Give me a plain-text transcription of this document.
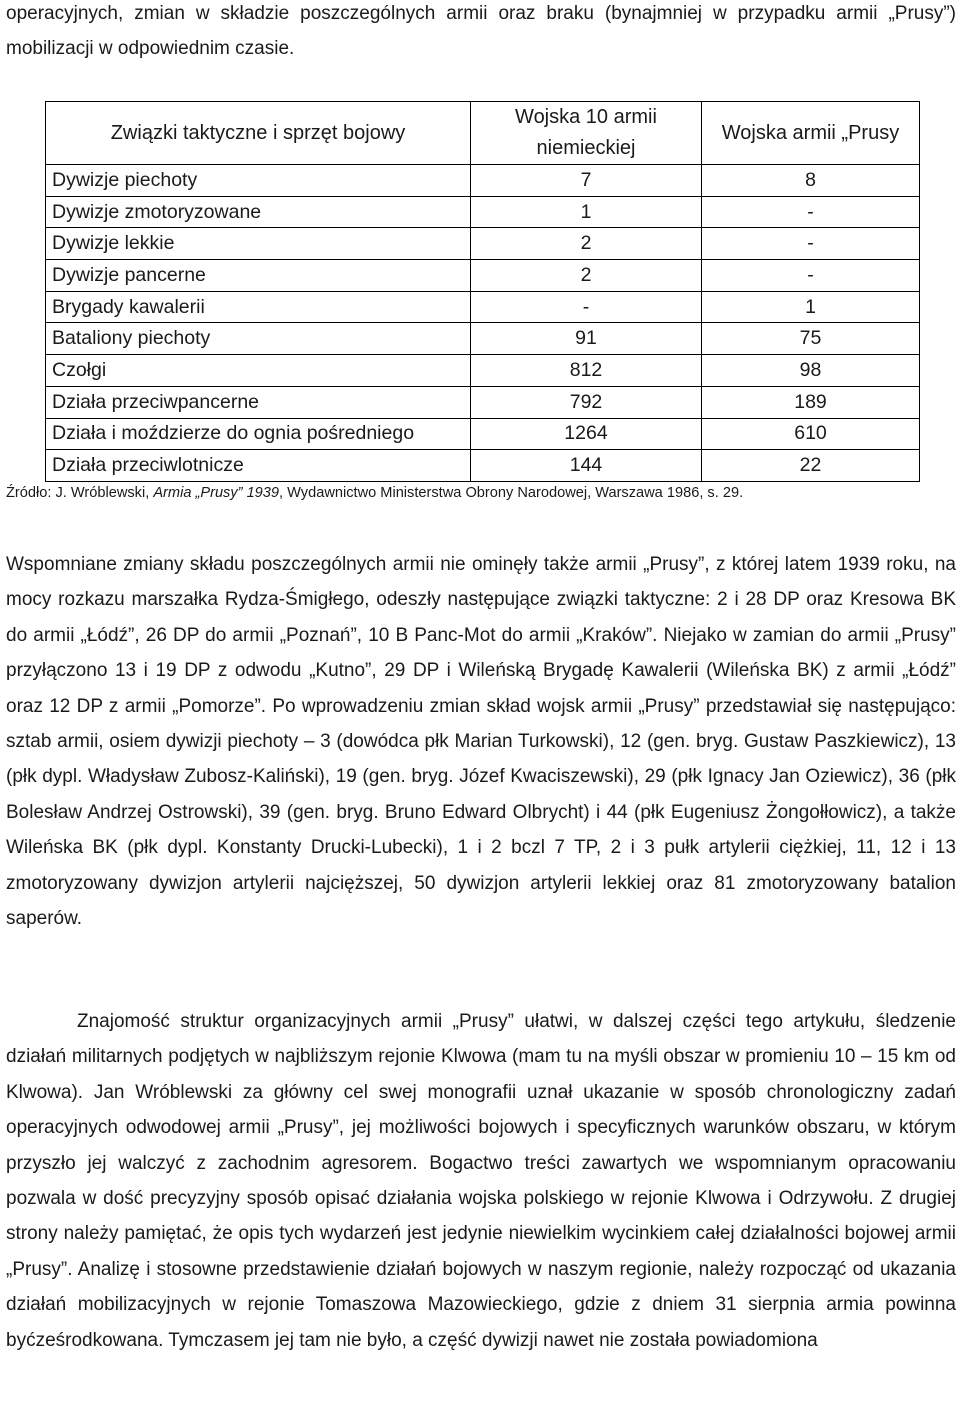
operacyjnych, zmian w składzie poszczególnych armii oraz braku (bynajmniej w przypadku armii „Prusy”) mobilizacji w odpowiednim czasie.

Związki taktyczne i sprzęt bojowy	Wojska 10 armii niemieckiej	Wojska armii „Prusy
Dywizje piechoty	7	8
Dywizje zmotoryzowane	1	-
Dywizje lekkie	2	-
Dywizje pancerne	2	-
Brygady kawalerii	-	1
Bataliony piechoty	91	75
Czołgi	812	98
Działa przeciwpancerne	792	189
Działa i moździerze do ognia pośredniego	1264	610
Działa przeciwlotnicze	144	22
Źródło: J. Wróblewski, Armia „Prusy” 1939, Wydawnictwo Ministerstwa Obrony Narodowej, Warszawa 1986, s. 29.

Wspomniane zmiany składu poszczególnych armii nie ominęły także armii „Prusy”, z której latem 1939 roku, na mocy rozkazu marszałka Rydza-Śmigłego, odeszły następujące związki taktyczne: 2 i 28 DP oraz Kresowa BK do armii „Łódź”, 26 DP do armii „Poznań”, 10 B Panc-Mot do armii „Kraków”. Niejako w zamian do armii „Prusy” przyłączono 13 i 19 DP z odwodu „Kutno”, 29 DP i Wileńską Brygadę Kawalerii (Wileńska BK) z armii „Łódź” oraz 12 DP z armii „Pomorze”. Po wprowadzeniu zmian skład wojsk armii „Prusy” przedstawiał się następująco: sztab armii, osiem dywizji piechoty – 3 (dowódca płk Marian Turkowski), 12 (gen. bryg. Gustaw Paszkiewicz), 13 (płk dypl. Władysław Zubosz-Kaliński), 19 (gen. bryg. Józef Kwaciszewski), 29 (płk Ignacy Jan Oziewicz), 36 (płk Bolesław Andrzej Ostrowski), 39 (gen. bryg. Bruno Edward Olbrycht) i 44 (płk Eugeniusz Żongołłowicz), a także Wileńska BK (płk dypl. Konstanty Drucki-Lubecki), 1 i 2 bczl 7 TP, 2 i 3 pułk artylerii ciężkiej, 11, 12 i 13 zmotoryzowany dywizjon artylerii najcięższej, 50 dywizjon artylerii lekkiej oraz 81 zmotoryzowany batalion saperów.

Znajomość struktur organizacyjnych armii „Prusy” ułatwi, w dalszej części tego artykułu, śledzenie działań militarnych podjętych w najbliższym rejonie Klwowa (mam tu na myśli obszar w promieniu 10 – 15 km od Klwowa). Jan Wróblewski za główny cel swej monografii uznał ukazanie w sposób chronologiczny zadań operacyjnych odwodowej armii „Prusy”, jej możliwości bojowych i specyficznych warunków obszaru, w którym przyszło jej walczyć z zachodnim agresorem. Bogactwo treści zawartych we wspomnianym opracowaniu pozwala w dość precyzyjny sposób opisać działania wojska polskiego w rejonie Klwowa i Odrzywołu. Z drugiej strony należy pamiętać, że opis tych wydarzeń jest jedynie niewielkim wycinkiem całej działalności bojowej armii „Prusy”. Analizę i stosowne przedstawienie działań bojowych w naszym regionie, należy rozpocząć od ukazania działań mobilizacyjnych w rejonie Tomaszowa Mazowieckiego, gdzie z dniem 31 sierpnia armia powinna byćześrodkowana. Tymczasem jej tam nie było, a część dywizji nawet nie została powiadomiona
